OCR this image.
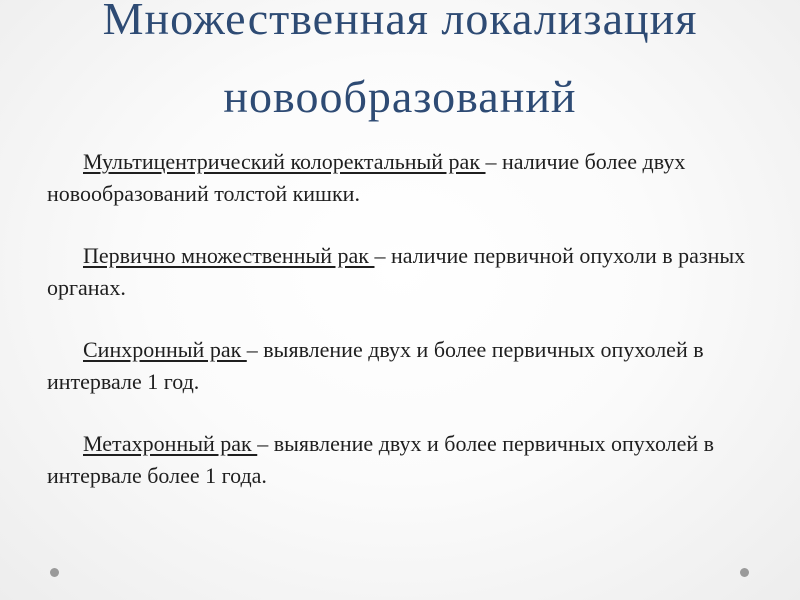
Множественная локализация
новообразований

Мультицентрический колоректальный рак – наличие более двух новообразований толстой кишки.

Первично множественный рак – наличие первичной опухоли в разных органах.

Синхронный рак – выявление двух и более первичных опухолей в интервале 1 год.

Метахронный рак – выявление двух и более первичных опухолей в интервале более 1 года.
